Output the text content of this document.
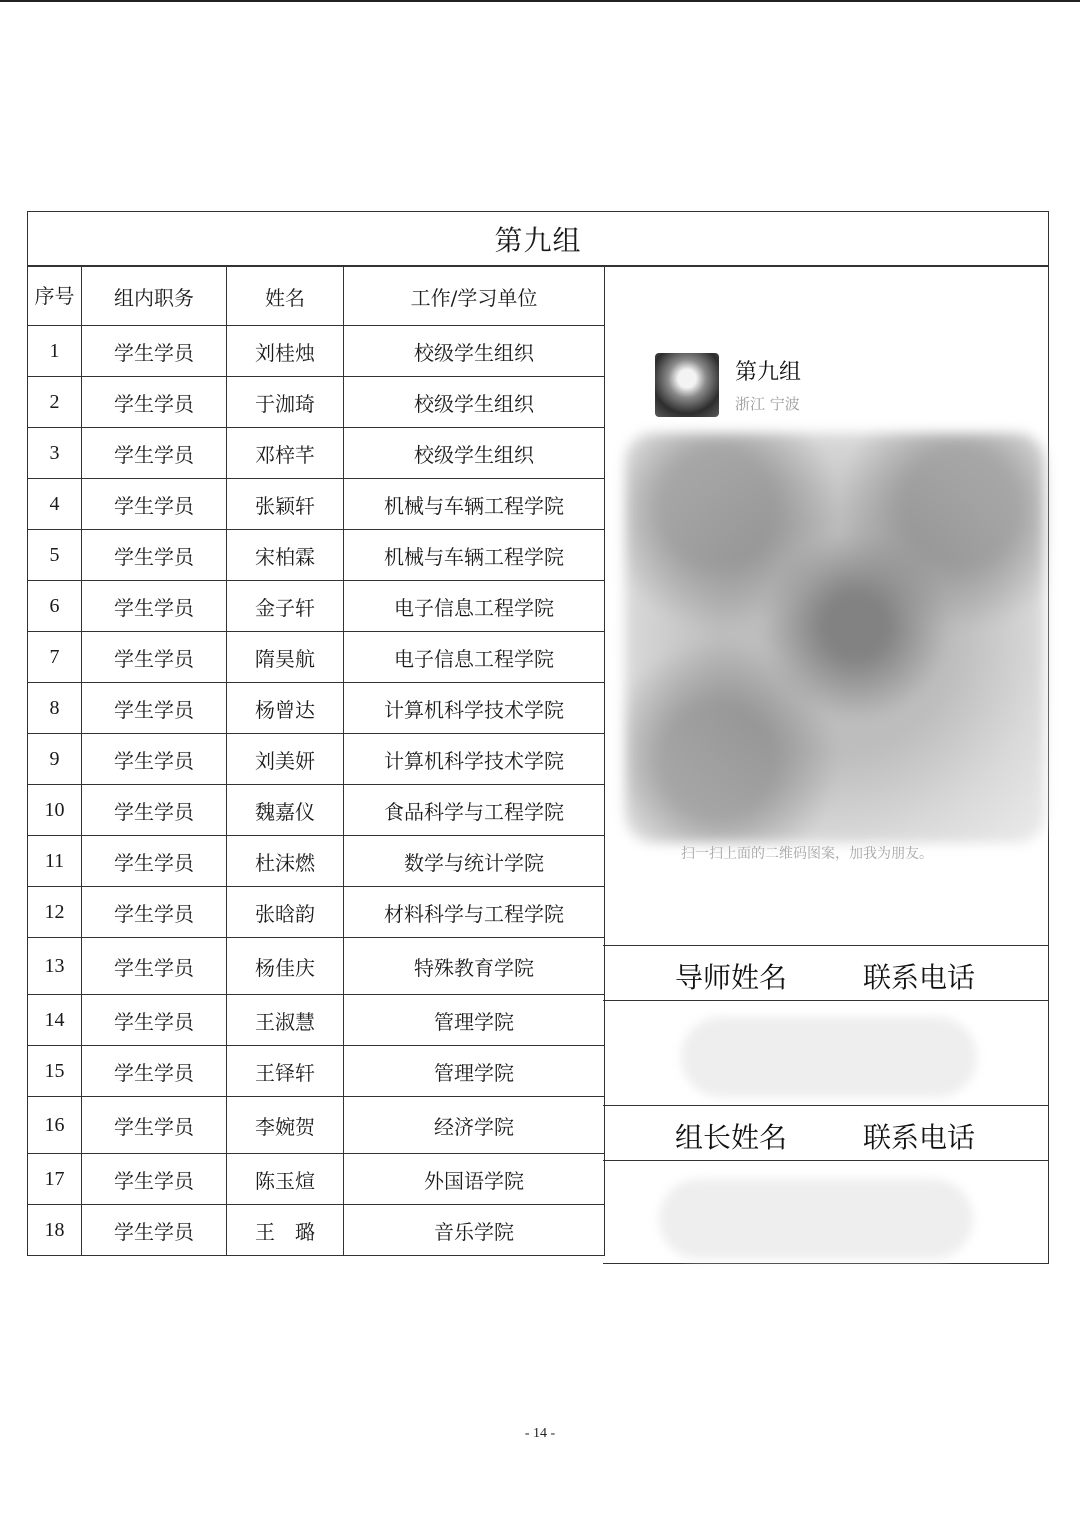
第九组
序号	组内职务	姓名	工作/学习单位
1	学生学员	刘桂烛	校级学生组织
2	学生学员	于泇琦	校级学生组织
3	学生学员	邓梓芊	校级学生组织
4	学生学员	张颖轩	机械与车辆工程学院
5	学生学员	宋柏霖	机械与车辆工程学院
6	学生学员	金子轩	电子信息工程学院
7	学生学员	隋昊航	电子信息工程学院
8	学生学员	杨曾达	计算机科学技术学院
9	学生学员	刘美妍	计算机科学技术学院
10	学生学员	魏嘉仪	食品科学与工程学院
11	学生学员	杜沫燃	数学与统计学院
12	学生学员	张晗韵	材料科学与工程学院
13	学生学员	杨佳庆	特殊教育学院
14	学生学员	王淑慧	管理学院
15	学生学员	王铎轩	管理学院
16	学生学员	李婉贺	经济学院
17	学生学员	陈玉煊	外国语学院
18	学生学员	王　璐	音乐学院
第九组
浙江 宁波
扫一扫上面的二维码图案，加我为朋友。
导师姓名	联系电话
组长姓名	联系电话
- 14 -
